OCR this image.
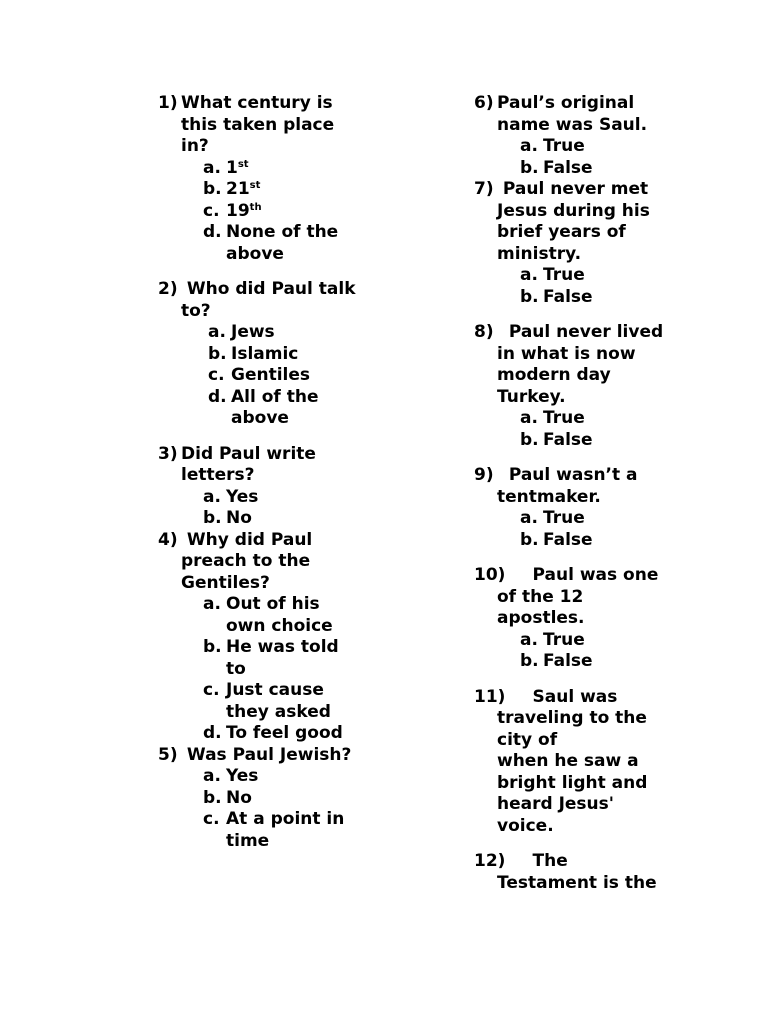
1) What century is
this taken place
in?
a. 1st
b. 21st
c. 19th
d. None of the
above
2) Who did Paul talk
to?
a. Jews
b. Islamic
c. Gentiles
d. All of the
above
3) Did Paul write
letters?
a. Yes
b. No
4) Why did Paul
preach to the
Gentiles?
a. Out of his
own choice
b. He was told
to
c. Just cause
they asked
d. To feel good
5) Was Paul Jewish?
a. Yes
b. No
c. At a point in
time
6) Paul’s original
name was Saul.
a. True
b. False
7) Paul never met
Jesus during his
brief years of
ministry.
a. True
b. False
8) Paul never lived
in what is now
modern day
Turkey.
a. True
b. False
9) Paul wasn’t a
tentmaker.
a. True
b. False
10)
Paul was one
of the 12
apostles.
a. True
b. False
11)
Saul was
traveling to the
city of
when he saw a
bright light and
heard Jesus'
voice.
12)
The
Testament is the
